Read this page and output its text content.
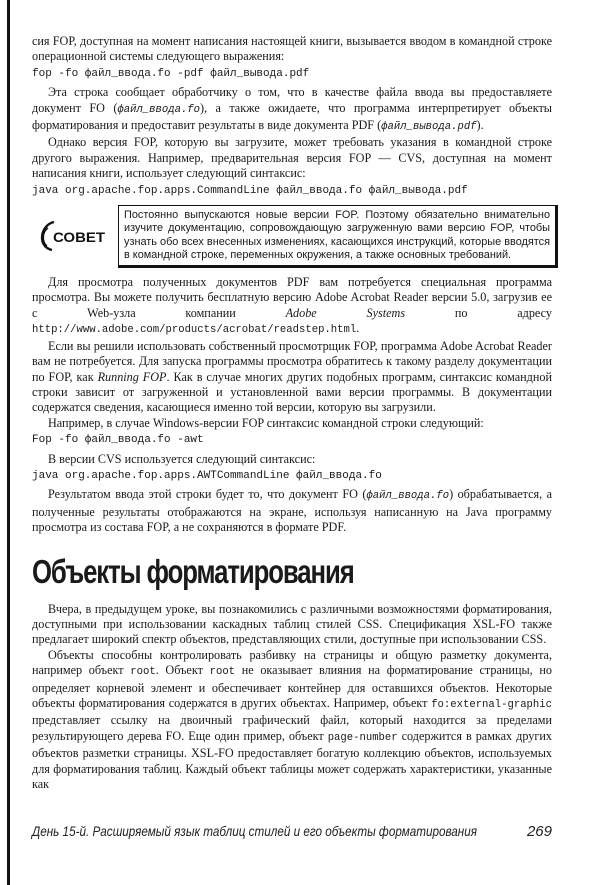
сия FOP, доступная на момент написания настоящей книги, вызывается вводом в командной строке операционной системы следующего выражения:

fop -fo файл_ввода.fo -pdf файл_вывода.pdf

Эта строка сообщает обработчику о том, что в качестве файла ввода вы предоставляете документ FO (файл_ввода.fo), а также ожидаете, что программа интерпретирует объекты форматирования и предоставит результаты в виде документа PDF (файл_вывода.pdf).

Однако версия FOP, которую вы загрузите, может требовать указания в командной строке другого выражения. Например, предварительная версия FOP — CVS, доступная на момент написания книги, использует следующий синтаксис:

java org.apache.fop.apps.CommandLine файл_ввода.fo файл_вывода.pdf
СОВЕТ
Постоянно выпускаются новые версии FOP. Поэтому обязательно внимательно изучите документацию, сопровождающую загруженную вами версию FOP, чтобы узнать обо всех внесенных изменениях, касающихся инструкций, которые вводятся в командной строке, переменных окружения, а также основных требований.

Для просмотра полученных документов PDF вам потребуется специальная программа просмотра. Вы можете получить бесплатную версию Adobe Acrobat Reader версии 5.0, загрузив ее с Web-узла компании Adobe Systems по адресу http://www.adobe.com/products/acrobat/readstep.html.

Если вы решили использовать собственный просмотрщик FOP, программа Adobe Acrobat Reader вам не потребуется. Для запуска программы просмотра обратитесь к такому разделу документации по FOP, как Running FOP. Как в случае многих других подобных программ, синтаксис командной строки зависит от загруженной и установленной вами версии программы. В документации содержатся сведения, касающиеся именно той версии, которую вы загрузили.

Например, в случае Windows-версии FOP синтаксис командной строки следующий:

Fop -fo файл_ввода.fo -awt

В версии CVS используется следующий синтаксис:

java org.apache.fop.apps.AWTCommandLine файл_ввода.fo

Результатом ввода этой строки будет то, что документ FO (файл_ввода.fo) обрабатывается, а полученные результаты отображаются на экране, используя написанную на Java программу просмотра из состава FOP, а не сохраняются в формате PDF.

Объекты форматирования

Вчера, в предыдущем уроке, вы познакомились с различными возможностями форматирования, доступными при использовании каскадных таблиц стилей CSS. Спецификация XSL-FO также предлагает широкий спектр объектов, представляющих стили, доступные при использовании CSS.

Объекты способны контролировать разбивку на страницы и общую разметку документа, например объект root. Объект root не оказывает влияния на форматирование страницы, но определяет корневой элемент и обеспечивает контейнер для оставшихся объектов. Некоторые объекты форматирования содержатся в других объектах. Например, объект fo:external-graphic представляет ссылку на двоичный графический файл, который находится за пределами результирующего дерева FO. Еще один пример, объект page-number содержится в рамках других объектов разметки страницы. XSL-FO предоставляет богатую коллекцию объектов, используемых для форматирования таблиц. Каждый объект таблицы может содержать характеристики, указанные как

День 15-й. Расширяемый язык таблиц стилей и его объекты форматирования	269
